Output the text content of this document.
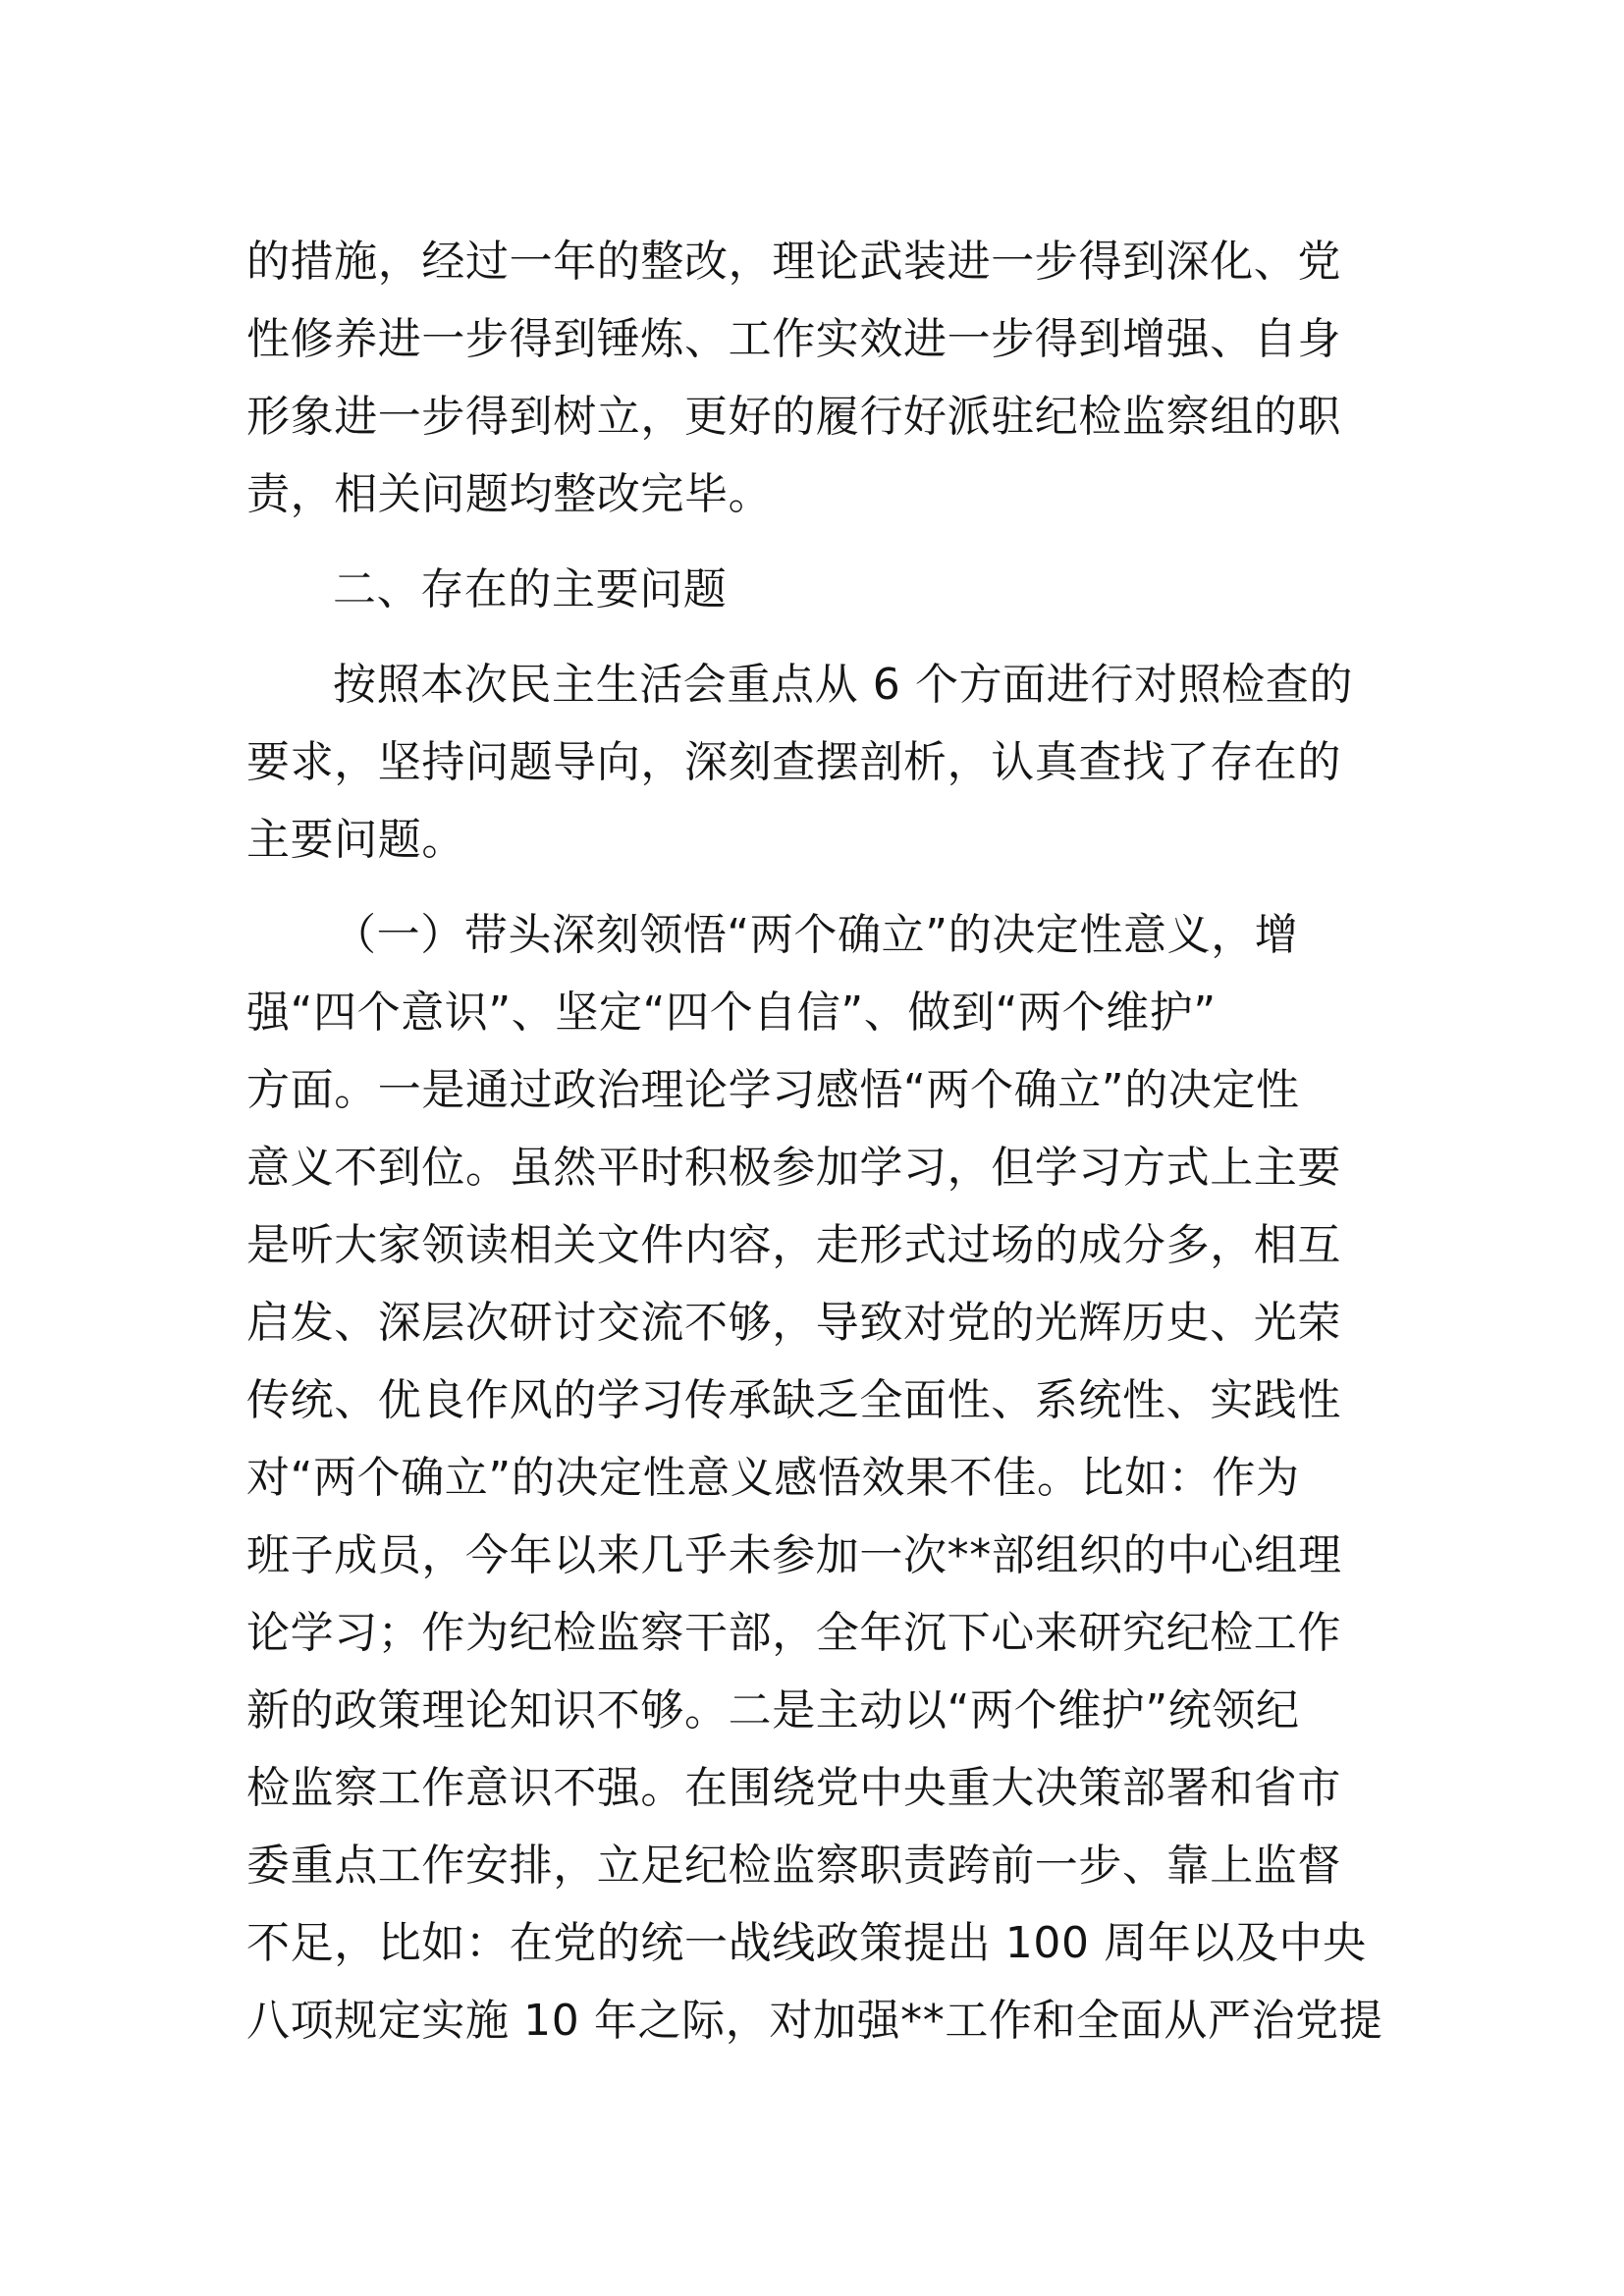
的措施，经过一年的整改，理论武装进一步得到深化、党
性修养进一步得到锤炼、工作实效进一步得到增强、自身
形象进一步得到树立，更好的履行好派驻纪检监察组的职
责，相关问题均整改完毕。
二、存在的主要问题
按照本次民主生活会重点从 6 个方面进行对照检查的
要求，坚持问题导向，深刻查摆剖析，认真查找了存在的
主要问题。
（一）带头深刻领悟“两个确立”的决定性意义，增
强“四个意识”、坚定“四个自信”、做到“两个维护”
方面。一是通过政治理论学习感悟“两个确立”的决定性
意义不到位。虽然平时积极参加学习，但学习方式上主要
是听大家领读相关文件内容，走形式过场的成分多，相互
启发、深层次研讨交流不够，导致对党的光辉历史、光荣
传统、优良作风的学习传承缺乏全面性、系统性、实践性
对“两个确立”的决定性意义感悟效果不佳。比如：作为
班子成员，今年以来几乎未参加一次**部组织的中心组理
论学习；作为纪检监察干部，全年沉下心来研究纪检工作
新的政策理论知识不够。二是主动以“两个维护”统领纪
检监察工作意识不强。在围绕党中央重大决策部署和省市
委重点工作安排，立足纪检监察职责跨前一步、靠上监督
不足，比如：在党的统一战线政策提出 100 周年以及中央
八项规定实施 10 年之际，对加强**工作和全面从严治党提
